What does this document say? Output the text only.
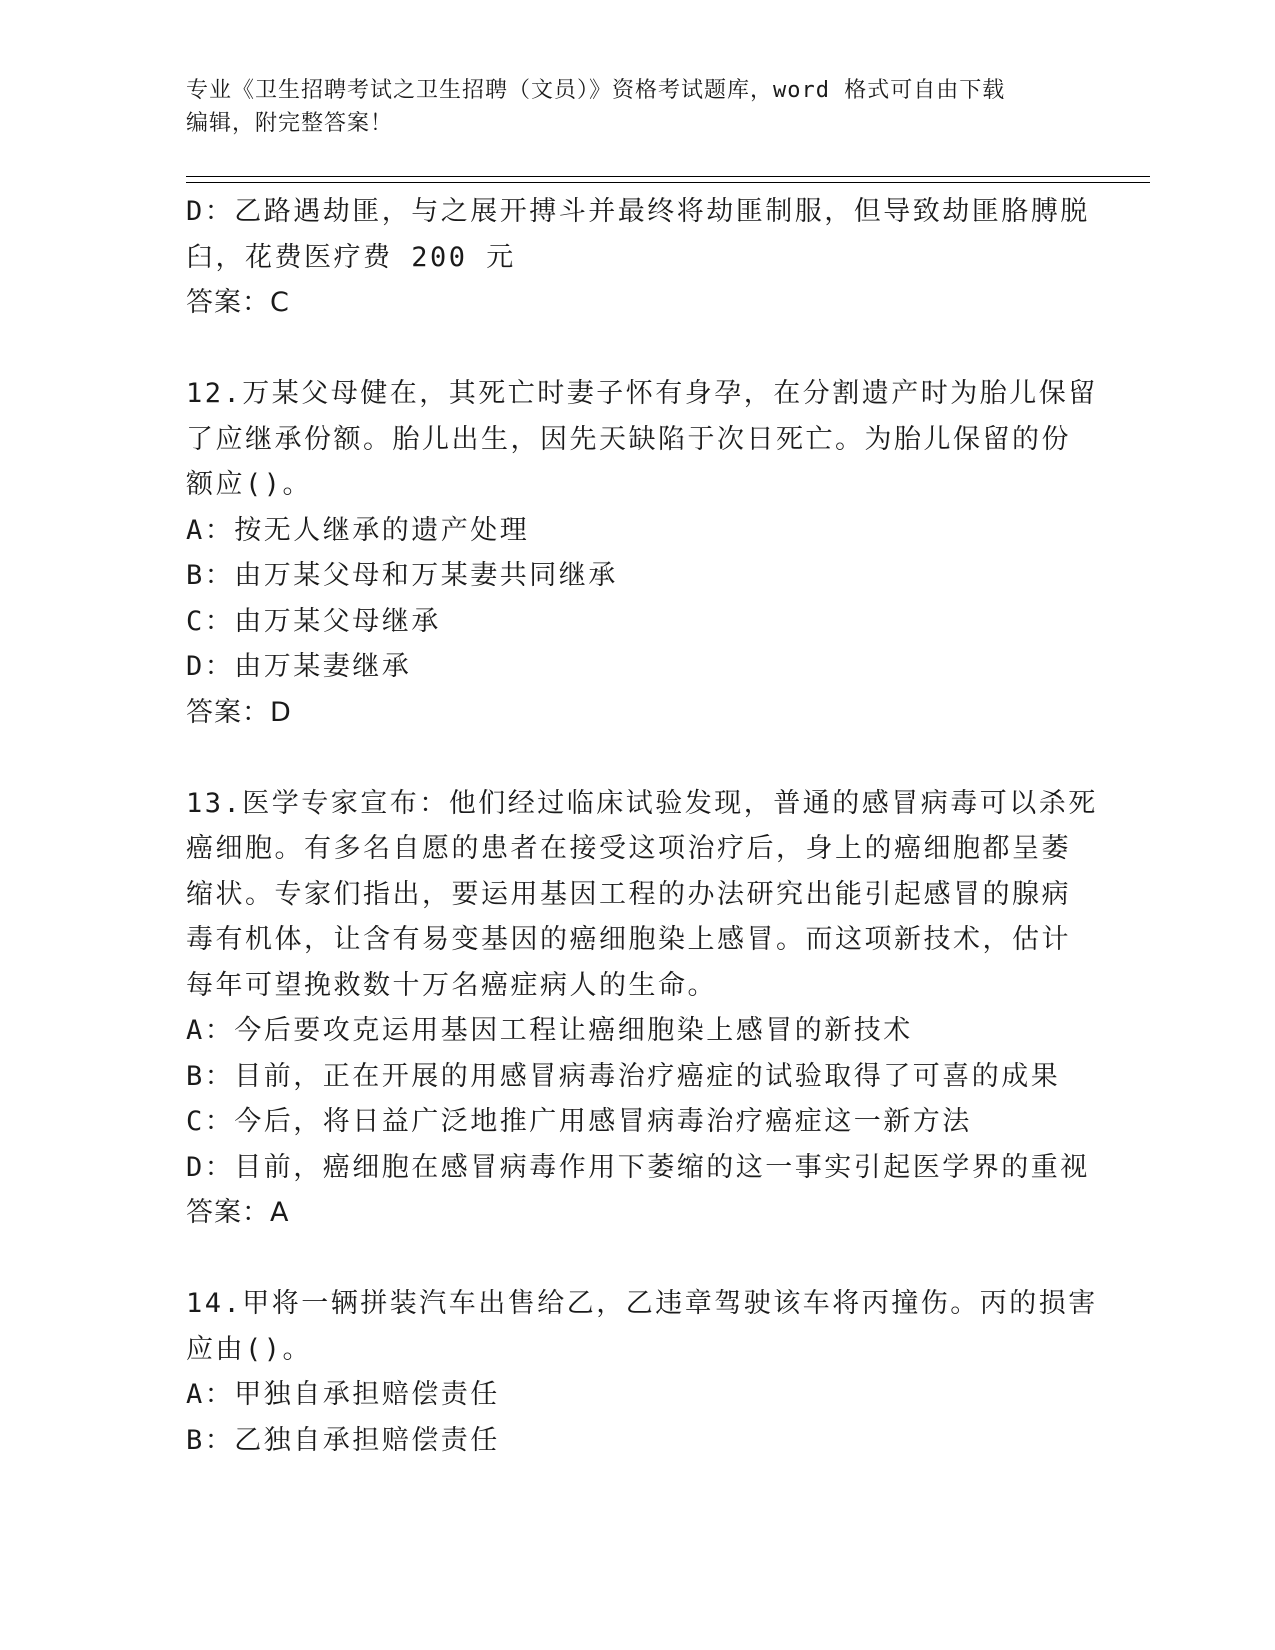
专业《卫生招聘考试之卫生招聘（文员）》资格考试题库，word 格式可自由下载
编辑，附完整答案！
D：乙路遇劫匪，与之展开搏斗并最终将劫匪制服，但导致劫匪胳膊脱
臼，花费医疗费 200 元
答案：C
12.万某父母健在，其死亡时妻子怀有身孕，在分割遗产时为胎儿保留
了应继承份额。胎儿出生，因先天缺陷于次日死亡。为胎儿保留的份
额应()。
A：按无人继承的遗产处理
B：由万某父母和万某妻共同继承
C：由万某父母继承
D：由万某妻继承
答案：D
13.医学专家宣布：他们经过临床试验发现，普通的感冒病毒可以杀死
癌细胞。有多名自愿的患者在接受这项治疗后，身上的癌细胞都呈萎
缩状。专家们指出，要运用基因工程的办法研究出能引起感冒的腺病
毒有机体，让含有易变基因的癌细胞染上感冒。而这项新技术，估计
每年可望挽救数十万名癌症病人的生命。
A：今后要攻克运用基因工程让癌细胞染上感冒的新技术
B：目前，正在开展的用感冒病毒治疗癌症的试验取得了可喜的成果
C：今后，将日益广泛地推广用感冒病毒治疗癌症这一新方法
D：目前，癌细胞在感冒病毒作用下萎缩的这一事实引起医学界的重视
答案：A
14.甲将一辆拼装汽车出售给乙，乙违章驾驶该车将丙撞伤。丙的损害
应由()。
A：甲独自承担赔偿责任
B：乙独自承担赔偿责任
